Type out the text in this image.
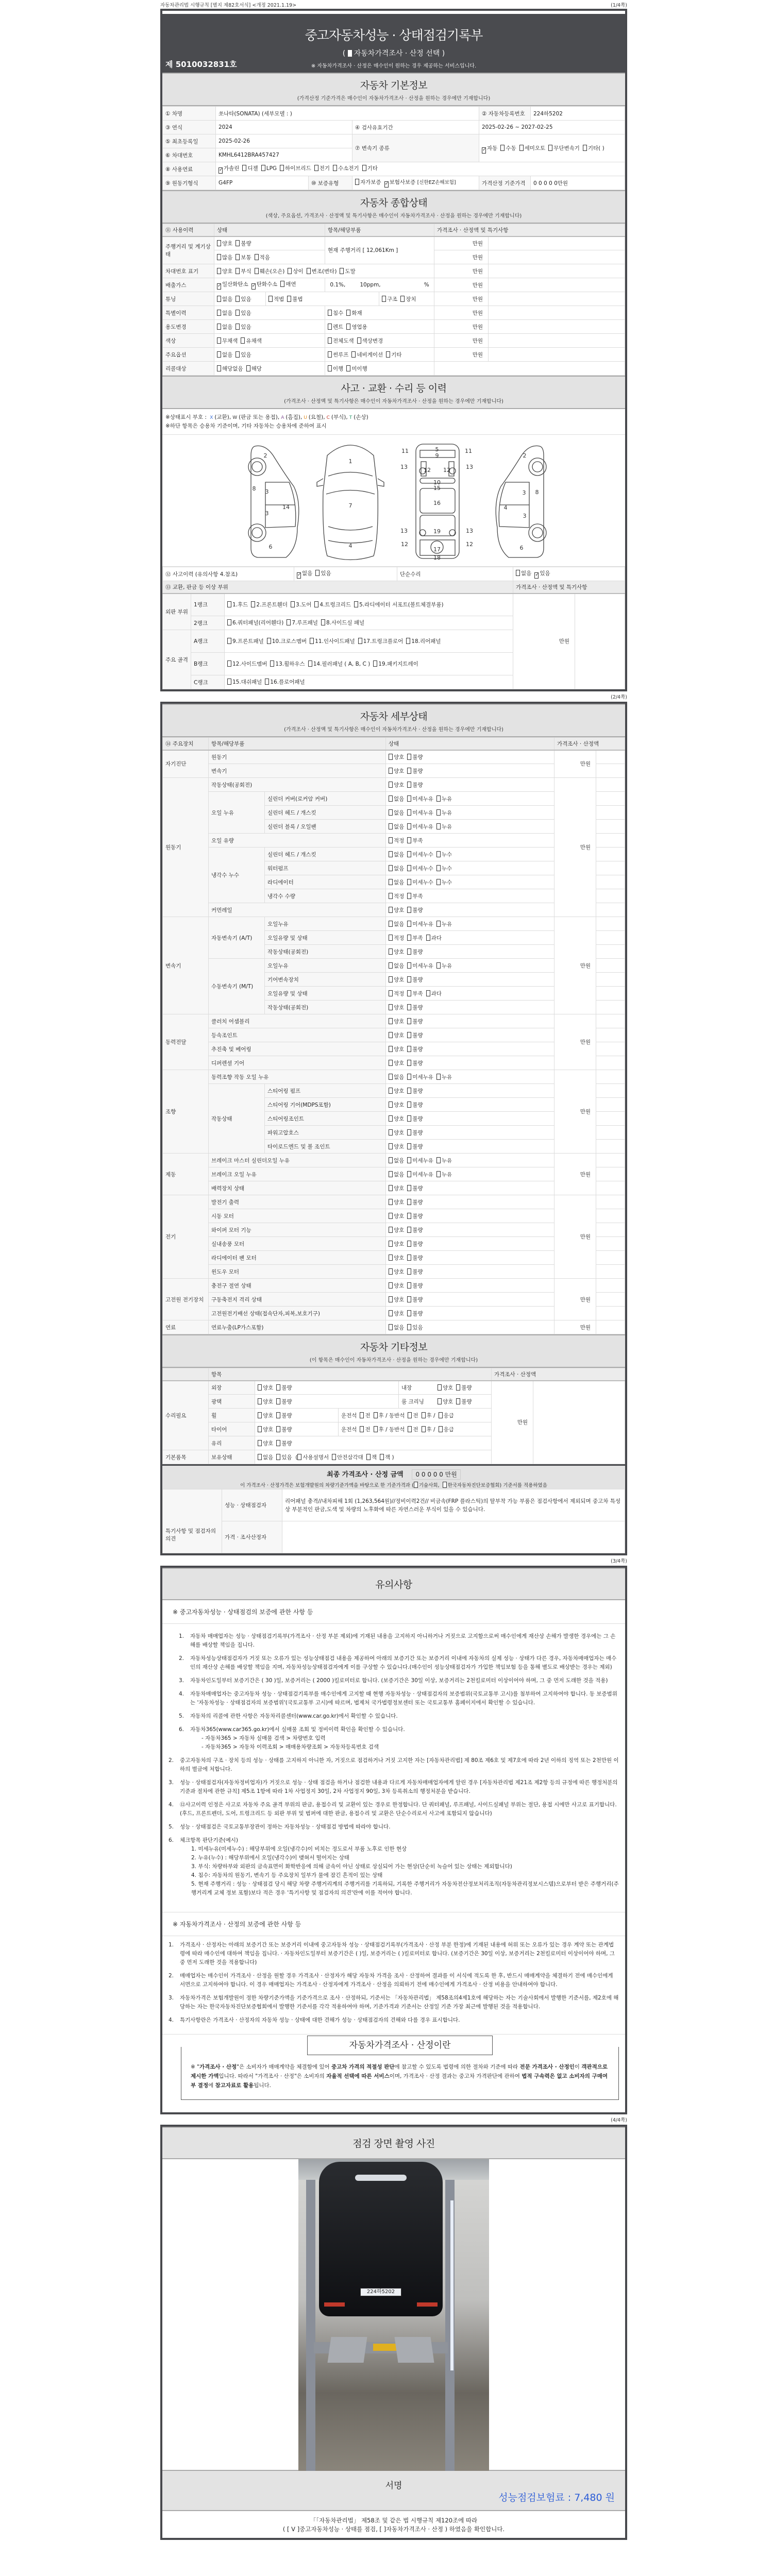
자동차관리법 시행규칙 [별지 제82호서식] <개정 2021.1.19>	(1/4쪽)
중고자동차성능 · 상태점검기록부
( 자동차가격조사 · 산정 선택 )
※ 자동차가격조사 · 산정은 매수인이 원하는 경우 제공하는 서비스입니다.
제 5010032831호
자동차 기본정보
(가격산정 기준가격은 매수인이 자동차가격조사 · 산정을 원하는 경우에만 기재합니다)
① 차명	쏘나타(SONATA) (세부모델 : )			② 자동차등록번호	224하5202
③ 연식	2024		④ 검사유효기간	2025-02-26 ~ 2027-02-25	
⑤ 최초등록일	2025-02-26		⑦ 변속기 종류	✓자동 수동 세미오토 무단변속기 기타( )	
⑥ 차대번호	KMHL6412BRA457427				
⑧ 사용연료	✓가솔린 디젤 LPG 하이브리드 전기 수소전기 기타				
⑨ 원동기형식	G4FP	⑩ 보증유형	자가보증 ✓보험사보증 [신한EZ손해보험]	가격산정 기준가격	0 0 0 0 0만원
자동차 종합상태
(색상, 주요옵션, 가격조사 · 산정액 및 특기사항은 매수인이 자동차가격조사 · 산정을 원하는 경우에만 기재합니다)
⑪ 사용이력	상태		항목/해당부품		가격조사 · 산정액 및 특기사항	
주행거리 및 계기상태	양호 불량		현재 주행거리 [ 12,061Km ]		만원	
	많음 보통 적음				만원	
차대번호 표기	양호 부식 훼손(오손) 상이 변조(변타) 도말				만원	
배출가스	✓일산화탄소 ✓탄화수소 매연		0.1%, 10ppm, %		만원	
튜닝	없음 있음	적법 불법		구조 장치	만원	
특별이력	없음 있음		침수 화재		만원	
용도변경	없음 있음		렌트 영업용		만원	
색상	무채색 유채색		전체도색 색상변경		만원	
주요옵션	없음 있음		썬루프 네비게이션 기타		만원	
리콜대상	해당없음 해당		이행 미이행			
사고 · 교환 · 수리 등 이력
(가격조사 · 산정액 및 특기사항은 매수인이 자동차가격조사 · 산정을 원하는 경우에만 기재합니다)
※상태표시 부호 : X (교환), W (판금 또는 용접), A (흠집), U (요철), C (부식), T (손상)
※하단 항목은 승용차 기준이며, 기타 자동차는 승용차에 준하여 표시
2
8 3
14
3
6
1
7
4
5
9
11	11
13	13
12 12
10
15
16
13	19	13
12
17
12
18
2
3 8
4
3
6
⑫ 사고이력 (유의사항 4.참조)			✓없음 있음	단순수리	없음 ✓있음	
⑬ 교환, 판금 등 이상 부위					가격조사 · 산정액 및 특기사항	
외판 부위	1랭크	1.후드 2.프론트휀더 3.도어 4.트렁크리드 5.라디에이터 서포트(볼트체결부품)			만원	
	2랭크	6.쿼터패널(리어휀다) 7.루프패널 8.사이드실 패널				
주요 골격	A랭크	9.프론트패널 10.크로스멤버 11.인사이드패널 17.트렁크플로어 18.리어패널				
	B랭크	12.사이드멤버 13.휠하우스 14.필러패널 ( A, B, C ) 19.패키지트레이				
	C랭크	15.대쉬패널 16.플로어패널				
(2/4쪽)
자동차 세부상태
(가격조사 · 산정액 및 특기사항은 매수인이 자동차가격조사 · 산정을 원하는 경우에만 기재합니다)
⑭ 주요장치	항목/해당부품		상태	가격조사 · 산정액	
자기진단	원동기		양호 불량	만원	
	변속기		양호 불량		
원동기	작동상태(공회전)		양호 불량	만원	
	오일 누유	실린더 커버(로커암 커버)	없음 미세누유 누유		
		실린더 헤드 / 개스킷	없음 미세누유 누유		
		실린더 블록 / 오일팬	없음 미세누유 누유		
	오일 유량		적정 부족		
	냉각수 누수	실린더 헤드 / 개스킷	없음 미세누수 누수		
		워터펌프	없음 미세누수 누수		
		라디에이터	없음 미세누수 누수		
		냉각수 수량	적정 부족		
	커먼레일		양호 불량		
변속기	자동변속기 (A/T)	오일누유	없음 미세누유 누유	만원	
		오일유량 및 상태	적정 부족 과다		
		작동상태(공회전)	양호 불량		
	수동변속기 (M/T)	오일누유	없음 미세누유 누유		
		기어변속장치	양호 불량		
		오일유량 및 상태	적정 부족 과다		
		작동상태(공회전)	양호 불량		
동력전달	클러치 어셈블리		양호 불량	만원	
	등속조인트		양호 불량		
	추진축 및 베어링		양호 불량		
	디퍼렌셜 기어		양호 불량		
조향	동력조향 작동 오일 누유		없음 미세누유 누유	만원	
	작동상태	스티어링 펌프	양호 불량		
		스티어링 기어(MDPS포함)	양호 불량		
		스티어링조인트	양호 불량		
		파워고압호스	양호 불량		
		타이로드엔드 및 볼 조인트	양호 불량		
제동	브레이크 마스터 실린더오일 누유		없음 미세누유 누유	만원	
	브레이크 오일 누유		없음 미세누유 누유		
	배력장치 상태		양호 불량		
전기	발전기 출력		양호 불량	만원	
	시동 모터		양호 불량		
	와이퍼 모터 기능		양호 불량		
	실내송풍 모터		양호 불량		
	라디에이터 팬 모터		양호 불량		
	윈도우 모터		양호 불량		
고전원 전기장치	충전구 절연 상태		양호 불량	만원	
	구동축전지 격리 상태		양호 불량		
	고전원전기배선 상태(접속단자,피복,보호기구)		양호 불량		
연료	연료누출(LP가스포함)		없음 있음	만원	
자동차 기타정보
(이 항목은 매수인이 자동차가격조사 · 산정을 원하는 경우에만 기재합니다)
	항목				가격조사 · 산정액	
수리필요	외장	양호 불량		내장 양호 불량	만원	
	광택	양호 불량		룸 크리닝 양호 불량		
	휠	양호 불량	운전석 전 후 / 동반석 전 후 / 응급			
	타이어	양호 불량	운전석 전 후 / 동반석 전 후 / 응급			
	유리	양호 불량				
기본품목	보유상태	없음 있음 ( 사용설명서 안전삼각대 잭 잭 )				
최종 가격조사 · 산정 금액 0 0 0 0 0 만원
이 가격조사 · 산정가격은 보험개발원의 차량기준가액을 바탕으로 한 기준가격과 ( 기술사회, 한국자동차진단보증협회) 기준서를 적용하였음
특기사항 및 점검자의 의견	성능 · 상태점검자	리어패널 충격//내차피해 1회 (1,263,564원)//정비이력2건// 비금속(FRP 플라스틱)의 탈부착 가능 부품은 점검사항에서 제외되며 중고차 특성 상 부분적인 판금,도색 및 차량의 노후화에 따른 자연스러운 부식이 있을 수 있습니다.
	가격 · 조사산정자	
(3/4쪽)
유의사항
※ 중고자동차성능 · 상태점검의 보증에 관한 사항 등
1.	자동차 매매업자는 성능 · 상태점검기록부(가격조사 · 산정 부분 제외)에 기재된 내용을 고지하지 아니하거나 거짓으로 고지함으로써 매수인에게 재산상 손해가 발생한 경우에는 그 손해를 배상할 책임을 집니다.
2.	자동차성능상태점검자가 거짓 또는 오류가 있는 성능상태점검 내용을 제공하여 아래의 보증기간 또는 보증거리 이내에 자동차의 실제 성능 · 상태가 다른 경우, 자동차매매업자는 매수인의 재산상 손해를 배상할 책임을 지며, 자동차성능상태점검자에게 이를 구상할 수 있습니다.(매수인이 성능상태점검자가 가입한 책임보험 등을 통해 별도로 배상받는 경우는 제외)
3.	자동차인도일부터 보증기간은 ( 30 )일, 보증거리는 ( 2000 )킬로미터로 합니다. (보증기간은 30일 이상, 보증거리는 2천킬로미터 이상이어야 하며, 그 중 먼저 도래한 것을 적용)
4.	자동차매매업자는 중고자동차 성능 · 상태점검기록부를 매수인에게 고지할 때 현행 자동차성능 · 상태점검자의 보증범위(국토교통부 고시)를 첨부하여 고지하여야 합니다. 동 보증범위는 '자동차성능 · 상태점검자의 보증범위'(국토교통부 고시)에 따르며, 법제처 국가법령정보센터 또는 국토교통부 홈페이지에서 확인할 수 있습니다.
5.	자동차의 리콜에 관한 사항은 자동차리콜센터(www.car.go.kr)에서 확인할 수 있습니다.
6.	자동차365(www.car365.go.kr)에서 실매물 조회 및 정비이력 확인을 확인할 수 있습니다.
- 자동차365 > 자동차 실매물 검색 > 차량번호 입력
- 자동차365 > 자동차 이력조회 > 매매용차량조회 > 자동차등록번호 검색
2.	중고자동차의 구조 · 장치 등의 성능 · 상태를 고지하지 아니한 자, 거짓으로 점검하거나 거짓 고지한 자는 [자동차관리법] 제 80조 제6호 및 제7호에 따라 2년 이하의 징역 또는 2천만원 이하의 벌금에 처합니다.
3.	성능 · 상태점검자(자동차정비업자)가 거짓으로 성능 · 상태 점검을 하거나 점검한 내용과 다르게 자동차매매업자에게 알린 경우 [자동차관리법 제21조 제2항 등의 규정에 따른 행정처분의 기준과 절차에 관한 규칙] 제5조 1항에 따라 1차 사업정지 30일, 2차 사업정지 90일, 3차 등록취소의 행정처분을 받습니다.
4.	⑫사고이력 인정은 사고로 자동차 주요 골격 부위의 판금, 용접수리 및 교환이 있는 경우로 한정합니다. 단 쿼터패널, 루프패널, 사이드실패널 부위는 절단, 용접 시에만 사고로 표기합니다. (후드, 프론트펜더, 도어, 트렁크리드 등 외판 부위 및 범퍼에 대한 판금, 용접수리 및 교환은 단순수리로서 사고에 포함되지 않습니다)
5.	성능 · 상태점검은 국토교통부장관이 정하는 자동차성능 · 상태점검 방법에 따라야 합니다.
6.	체크항목 판단기준(예시)
1. 미세누유(미세누수) : 해당부위에 오일(냉각수)이 비치는 정도로서 부품 노후로 인한 현상
2. 누유(누수) : 해당부위에서 오일(냉각수)이 맺혀서 떨어지는 상태
3. 부식: 차량하부와 외판의 금속표면이 화학반응에 의해 금속이 아닌 상태로 상실되어 가는 현상(단순히 녹슬어 있는 상태는 제외합니다)
4. 침수: 자동차의 원동기, 변속기 등 주요장치 일부가 물에 잠긴 흔적이 있는 상태
5. 현재 주행거리 : 성능 · 상태점검 당시 해당 차량 주행거리계의 주행거리를 기록하되, 기록한 주행거리가 자동차전산정보처리조직(자동차관리정보시스템)으로부터 받은 주행거리(주행거리계 교체 정보 포함)보다 적은 경우 '특기사항 및 점검자의 의견'란에 이를 적어야 합니다.
※ 자동차가격조사 · 산정의 보증에 관한 사항 등
1.	가격조사 · 산정자는 아래의 보증기간 또는 보증거리 이내에 중고자동차 성능 · 상태점검기록부(가격조사 · 산정 부분 한정)에 기재된 내용에 허위 또는 오류가 있는 경우 계약 또는 관계법령에 따라 매수인에 대하여 책임을 집니다. · 자동차인도일부터 보증기간은 ( )일, 보증거리는 ( )킬로미터로 합니다. (보증기간은 30일 이상, 보증거리는 2천킬로미터 이상이어야 하며, 그 중 먼저 도래한 것을 적용합니다)
2.	매매업자는 매수인이 가격조사 · 산정을 원할 경우 가격조사 · 산정자가 해당 자동차 가격을 조사 · 산정하여 결과를 이 서식에 적도록 한 후, 반드시 매매계약을 체결하기 전에 매수인에게 서면으로 고지하여야 합니다. 이 경우 매매업자는 가격조사 · 산정자에게 가격조사 · 산정을 의뢰하기 전에 매수인에게 가격조사 · 산정 비용을 안내하여야 합니다.
3.	자동차가격은 보험개발원이 정한 차량기준가액을 기준가격으로 조사 · 산정하되, 기준서는 「자동차관리법」 제58조의4제1호에 해당하는 자는 기술사회에서 발행한 기준서를, 제2호에 해당하는 자는 한국자동차진단보증협회에서 발행한 기준서를 각각 적용하여야 하며, 기준가격과 기준서는 산정일 기준 가장 최근에 발행된 것을 적용합니다.
4.	특기사항란은 가격조사 · 산정자의 자동차 성능 · 상태에 대한 견해가 성능 · 상태점검자의 견해와 다를 경우 표시합니다.
자동차가격조사 · 산정이란
※ "가격조사 · 산정"은 소비자가 매매계약을 체결함에 있어 중고차 가격의 적절성 판단에 참고할 수 있도록 법령에 의한 절차와 기준에 따라 전문 가격조사 · 산정인이 객관적으로 제시한 가액입니다. 따라서 "가격조사 · 산정"은 소비자의 자율적 선택에 따른 서비스이며, 가격조사 · 산정 결과는 중고차 가격판단에 관하여 법적 구속력은 없고 소비자의 구매여부 결정에 참고자료로 활용됩니다.
(4/4쪽)
점검 장면 촬영 사진
224하5202
서명
성능점검보험료 : 7,480 원
「「자동차관리법」 제58조 및 같은 법 시행규칙 제120조에 따라
( [ V ]중고자동차성능 · 상태를 점검, [ ]자동차가격조사 · 산정 ) 하였음을 확인합니다.
